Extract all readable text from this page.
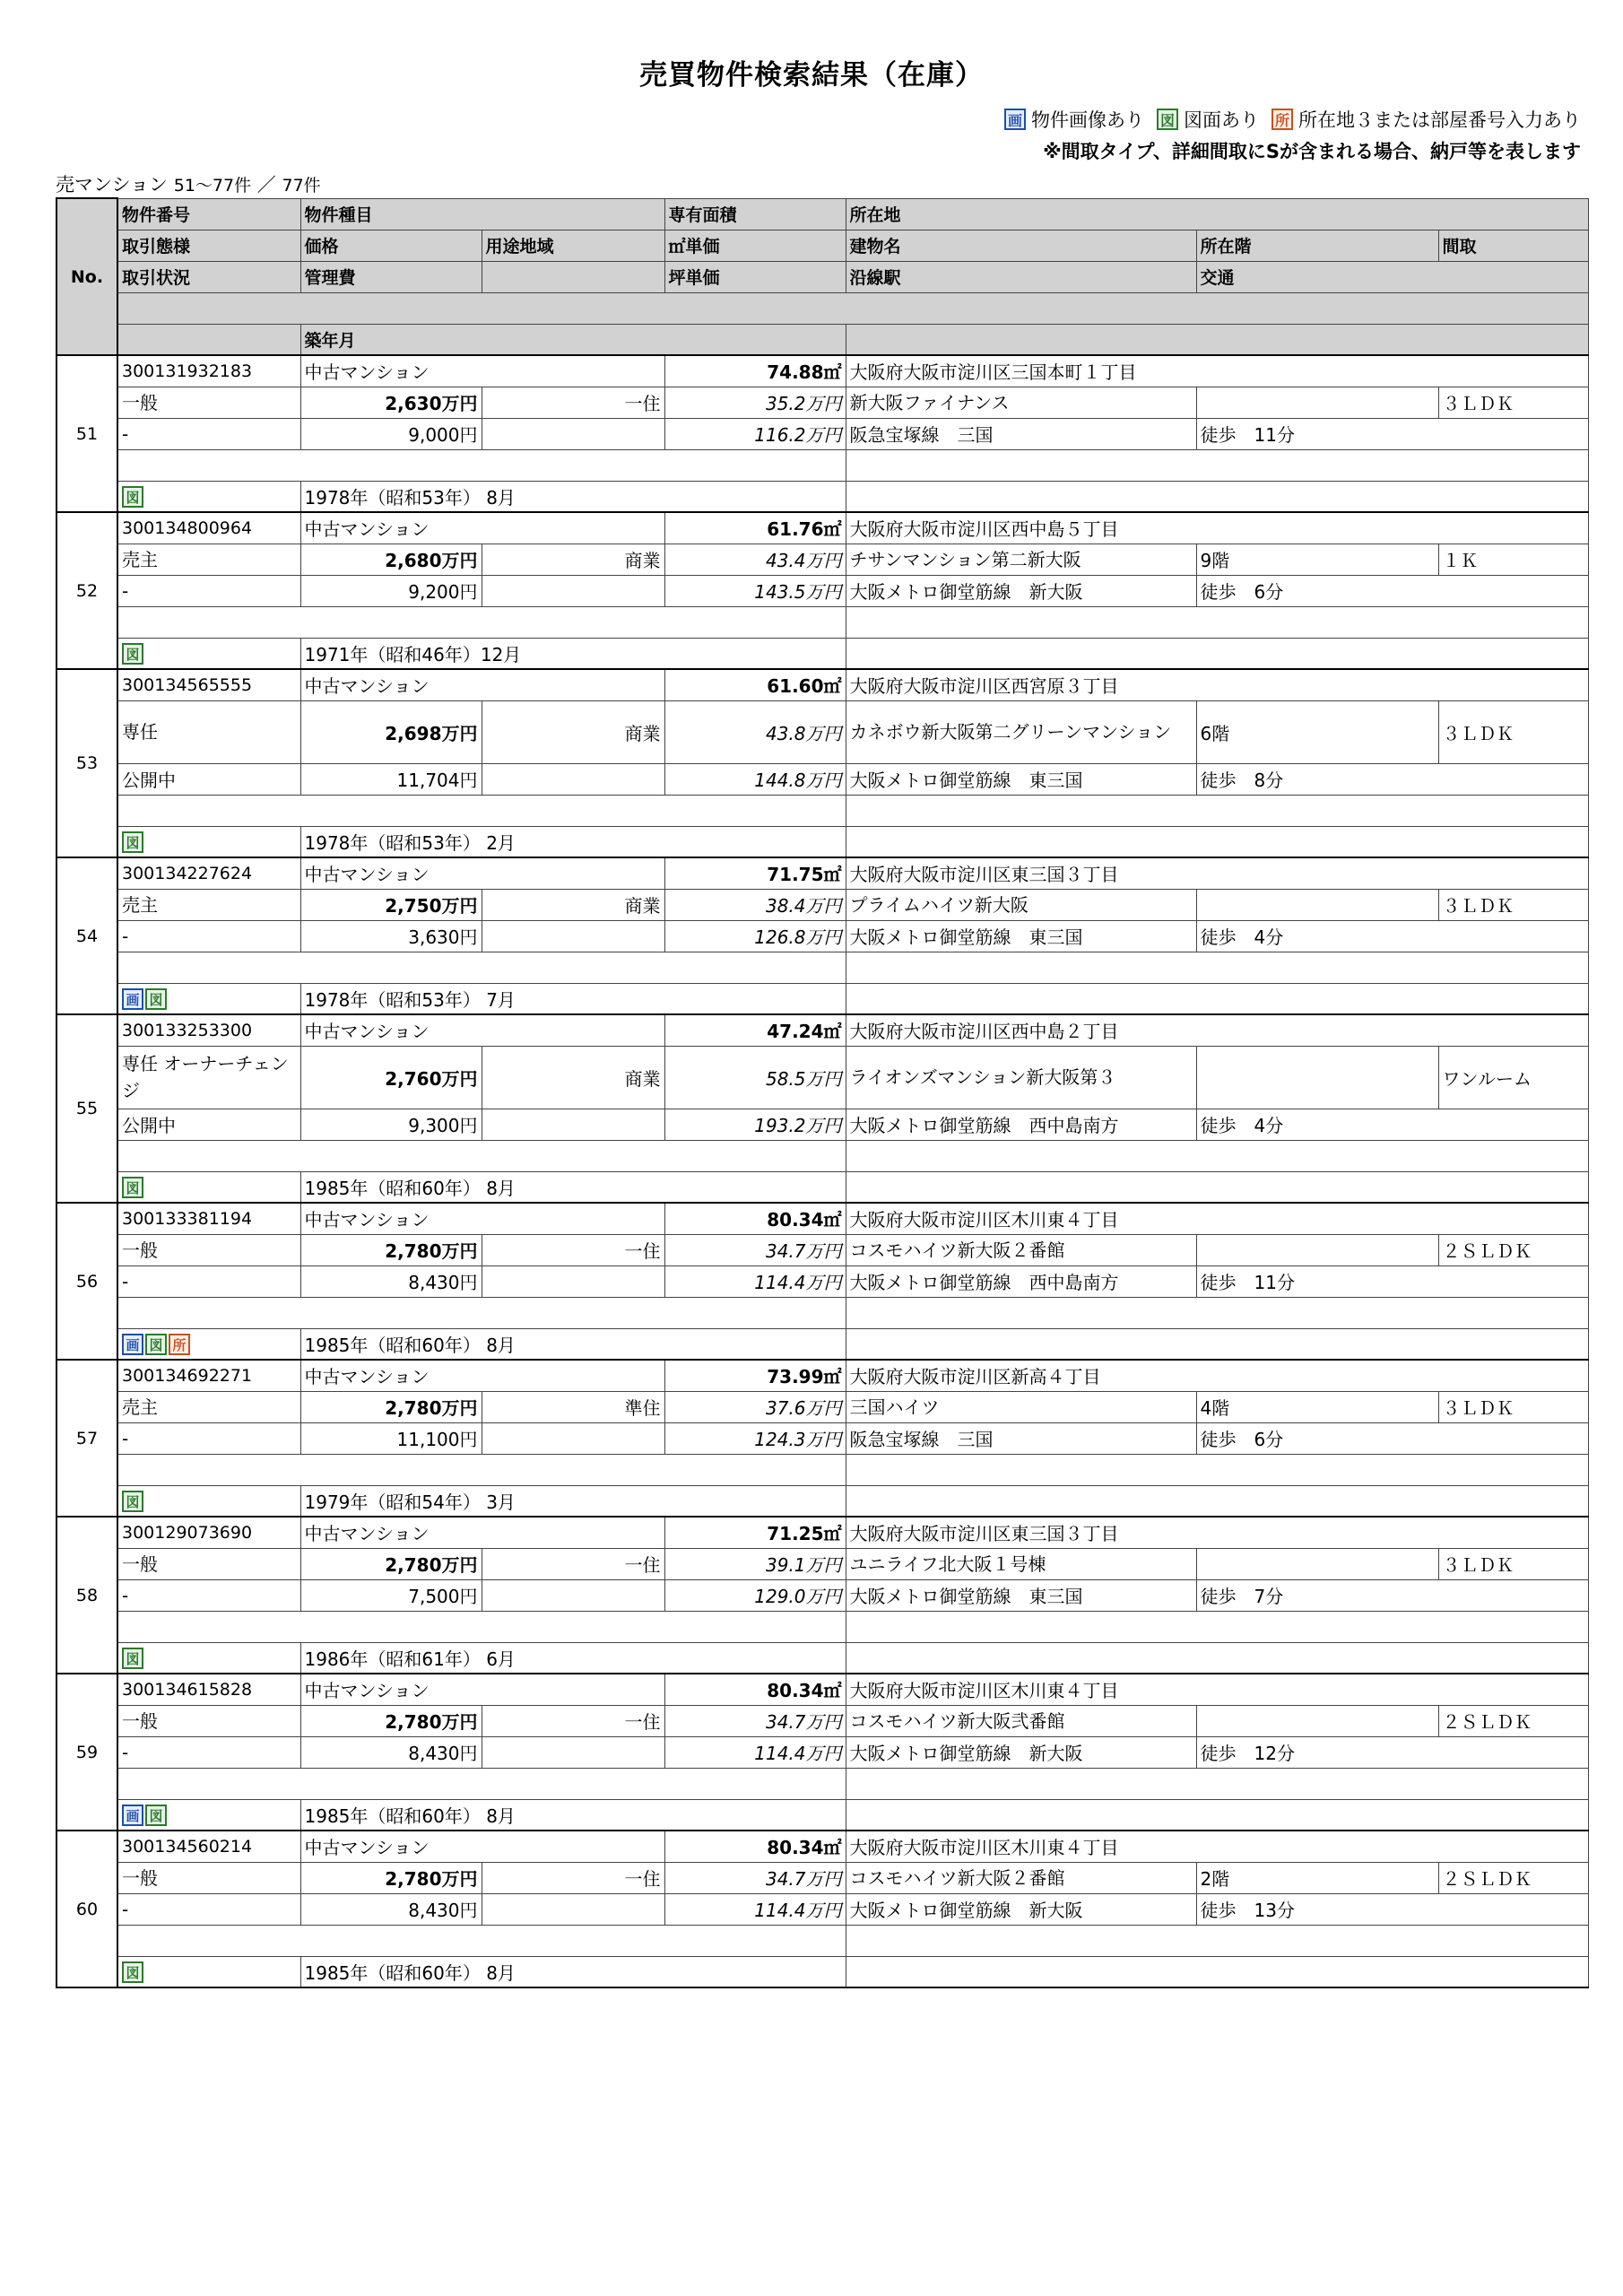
売買物件検索結果（在庫）
画 物件画像あり 図 図面あり 所 所在地３または部屋番号入力あり
※間取タイプ、詳細間取にSが含まれる場合、納戸等を表します
売マンション 51〜77件 ／ 77件
No.	物件番号	物件種目		専有面積	所在地		
	取引態様	価格	用途地域	㎡単価	建物名	所在階	間取
	取引状況	管理費		坪単価	沿線駅	交通	

		築年月					
51	300131932183	中古マンション		74.88㎡	大阪府大阪市淀川区三国本町１丁目		
	一般	2,630万円	一住	35.2万円	新大阪ファイナンス		３ＬＤＫ
	-	9,000円		116.2万円	阪急宝塚線　三国	徒歩　11分	

	図	1978年（昭和53年） 8月					
52	300134800964	中古マンション		61.76㎡	大阪府大阪市淀川区西中島５丁目		
	売主	2,680万円	商業	43.4万円	チサンマンション第二新大阪	9階	１Ｋ
	-	9,200円		143.5万円	大阪メトロ御堂筋線　新大阪	徒歩　6分	

	図	1971年（昭和46年）12月					
53	300134565555	中古マンション		61.60㎡	大阪府大阪市淀川区西宮原３丁目		
	専任	2,698万円	商業	43.8万円	カネボウ新大阪第二グリーンマンション	6階	３ＬＤＫ
	公開中	11,704円		144.8万円	大阪メトロ御堂筋線　東三国	徒歩　8分	

	図	1978年（昭和53年） 2月					
54	300134227624	中古マンション		71.75㎡	大阪府大阪市淀川区東三国３丁目		
	売主	2,750万円	商業	38.4万円	プライムハイツ新大阪		３ＬＤＫ
	-	3,630円		126.8万円	大阪メトロ御堂筋線　東三国	徒歩　4分	

	画 図	1978年（昭和53年） 7月					
55	300133253300	中古マンション		47.24㎡	大阪府大阪市淀川区西中島２丁目		
	専任 オーナーチェンジ	2,760万円	商業	58.5万円	ライオンズマンション新大阪第３		ワンルーム
	公開中	9,300円		193.2万円	大阪メトロ御堂筋線　西中島南方	徒歩　4分	

	図	1985年（昭和60年） 8月					
56	300133381194	中古マンション		80.34㎡	大阪府大阪市淀川区木川東４丁目		
	一般	2,780万円	一住	34.7万円	コスモハイツ新大阪２番館		２ＳＬＤＫ
	-	8,430円		114.4万円	大阪メトロ御堂筋線　西中島南方	徒歩　11分	

	画 図 所	1985年（昭和60年） 8月					
57	300134692271	中古マンション		73.99㎡	大阪府大阪市淀川区新高４丁目		
	売主	2,780万円	準住	37.6万円	三国ハイツ	4階	３ＬＤＫ
	-	11,100円		124.3万円	阪急宝塚線　三国	徒歩　6分	

	図	1979年（昭和54年） 3月					
58	300129073690	中古マンション		71.25㎡	大阪府大阪市淀川区東三国３丁目		
	一般	2,780万円	一住	39.1万円	ユニライフ北大阪１号棟		３ＬＤＫ
	-	7,500円		129.0万円	大阪メトロ御堂筋線　東三国	徒歩　7分	

	図	1986年（昭和61年） 6月					
59	300134615828	中古マンション		80.34㎡	大阪府大阪市淀川区木川東４丁目		
	一般	2,780万円	一住	34.7万円	コスモハイツ新大阪弐番館		２ＳＬＤＫ
	-	8,430円		114.4万円	大阪メトロ御堂筋線　新大阪	徒歩　12分	

	画 図	1985年（昭和60年） 8月					
60	300134560214	中古マンション		80.34㎡	大阪府大阪市淀川区木川東４丁目		
	一般	2,780万円	一住	34.7万円	コスモハイツ新大阪２番館	2階	２ＳＬＤＫ
	-	8,430円		114.4万円	大阪メトロ御堂筋線　新大阪	徒歩　13分	

	図	1985年（昭和60年） 8月					
